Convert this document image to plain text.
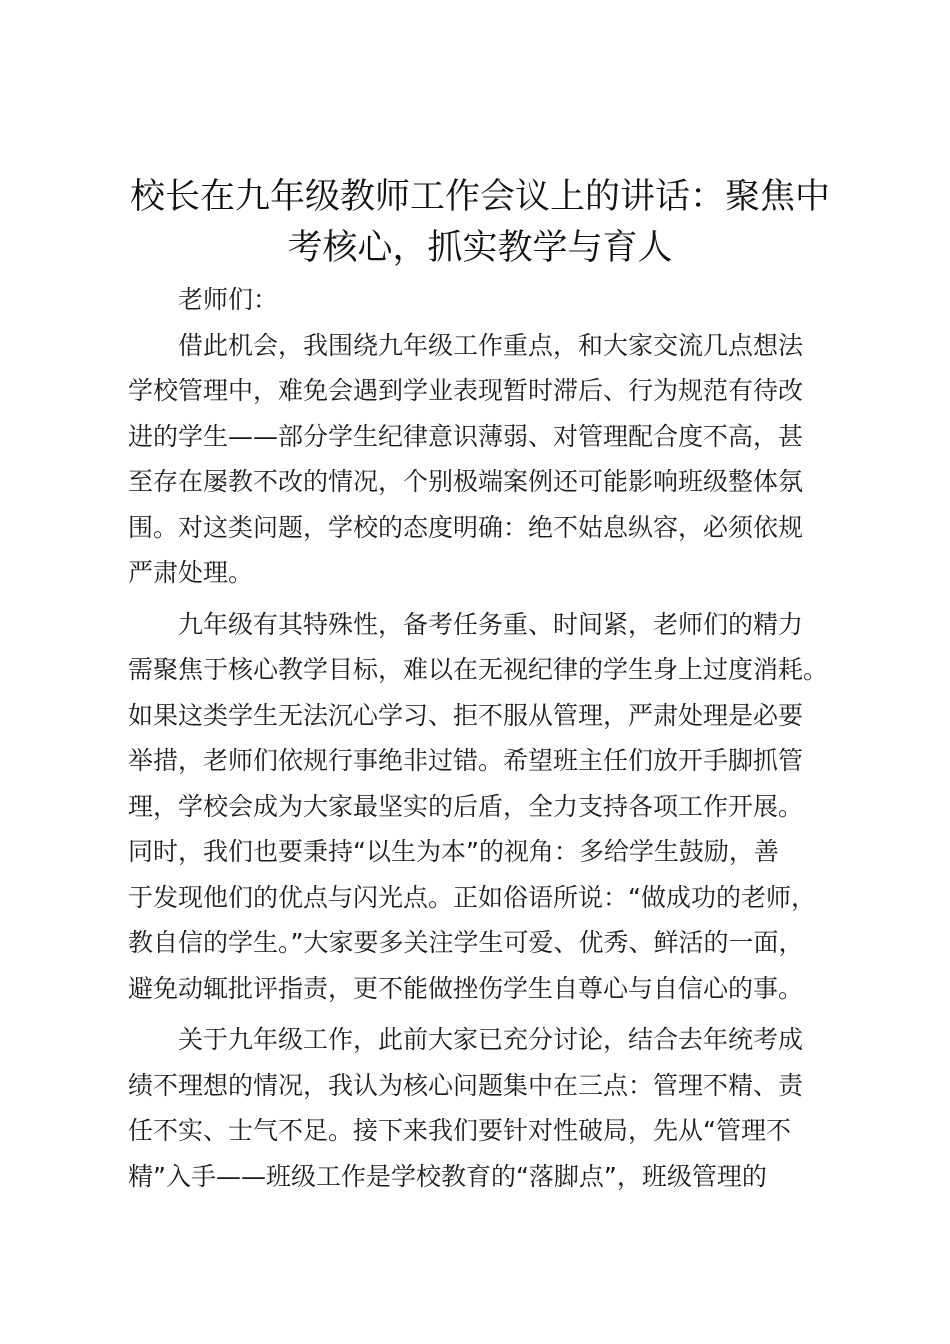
校长在九年级教师工作会议上的讲话：聚焦中
考核心，抓实教学与育人
老师们：
借此机会，我围绕九年级工作重点，和大家交流几点想法
学校管理中，难免会遇到学业表现暂时滞后、行为规范有待改
进的学生——部分学生纪律意识薄弱、对管理配合度不高，甚
至存在屡教不改的情况，个别极端案例还可能影响班级整体氛
围。对这类问题，学校的态度明确：绝不姑息纵容，必须依规
严肃处理。
九年级有其特殊性，备考任务重、时间紧，老师们的精力
需聚焦于核心教学目标，难以在无视纪律的学生身上过度消耗。
如果这类学生无法沉心学习、拒不服从管理，严肃处理是必要
举措，老师们依规行事绝非过错。希望班主任们放开手脚抓管
理，学校会成为大家最坚实的后盾，全力支持各项工作开展。
同时，我们也要秉持“以生为本”的视角：多给学生鼓励，善
于发现他们的优点与闪光点。正如俗语所说：“做成功的老师，
教自信的学生。”大家要多关注学生可爱、优秀、鲜活的一面，
避免动辄批评指责，更不能做挫伤学生自尊心与自信心的事。
关于九年级工作，此前大家已充分讨论，结合去年统考成
绩不理想的情况，我认为核心问题集中在三点：管理不精、责
任不实、士气不足。接下来我们要针对性破局，先从“管理不
精”入手——班级工作是学校教育的“落脚点”，班级管理的
